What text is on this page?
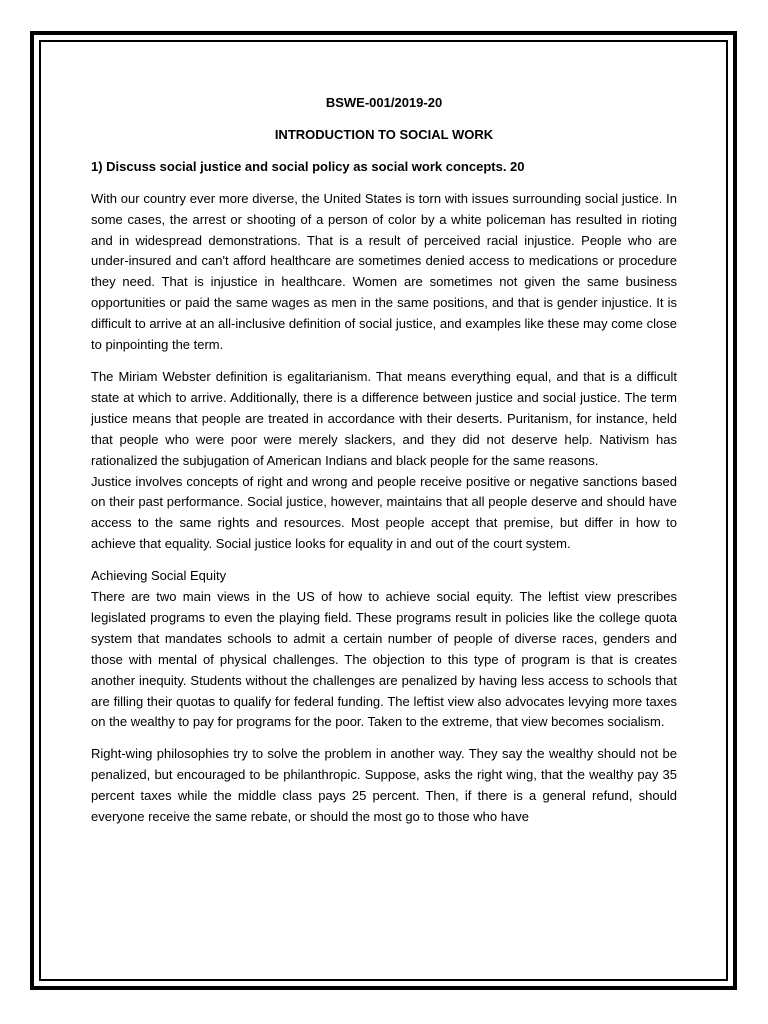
BSWE-001/2019-20
INTRODUCTION TO SOCIAL WORK
1) Discuss social justice and social policy as social work concepts. 20

With our country ever more diverse, the United States is torn with issues surrounding social justice. In some cases, the arrest or shooting of a person of color by a white policeman has resulted in rioting and in widespread demonstrations. That is a result of perceived racial injustice. People who are under-insured and can't afford healthcare are sometimes denied access to medications or procedure they need. That is injustice in healthcare. Women are sometimes not given the same business opportunities or paid the same wages as men in the same positions, and that is gender injustice. It is difficult to arrive at an all-inclusive definition of social justice, and examples like these may come close to pinpointing the term.

The Miriam Webster definition is egalitarianism. That means everything equal, and that is a difficult state at which to arrive. Additionally, there is a difference between justice and social justice. The term justice means that people are treated in accordance with their deserts. Puritanism, for instance, held that people who were poor were merely slackers, and they did not deserve help. Nativism has rationalized the subjugation of American Indians and black people for the same reasons.

Justice involves concepts of right and wrong and people receive positive or negative sanctions based on their past performance. Social justice, however, maintains that all people deserve and should have access to the same rights and resources. Most people accept that premise, but differ in how to achieve that equality. Social justice looks for equality in and out of the court system.

Achieving Social Equity

There are two main views in the US of how to achieve social equity. The leftist view prescribes legislated programs to even the playing field. These programs result in policies like the college quota system that mandates schools to admit a certain number of people of diverse races, genders and those with mental of physical challenges. The objection to this type of program is that is creates another inequity. Students without the challenges are penalized by having less access to schools that are filling their quotas to qualify for federal funding. The leftist view also advocates levying more taxes on the wealthy to pay for programs for the poor. Taken to the extreme, that view becomes socialism.

Right-wing philosophies try to solve the problem in another way. They say the wealthy should not be penalized, but encouraged to be philanthropic. Suppose, asks the right wing, that the wealthy pay 35 percent taxes while the middle class pays 25 percent. Then, if there is a general refund, should everyone receive the same rebate, or should the most go to those who have
